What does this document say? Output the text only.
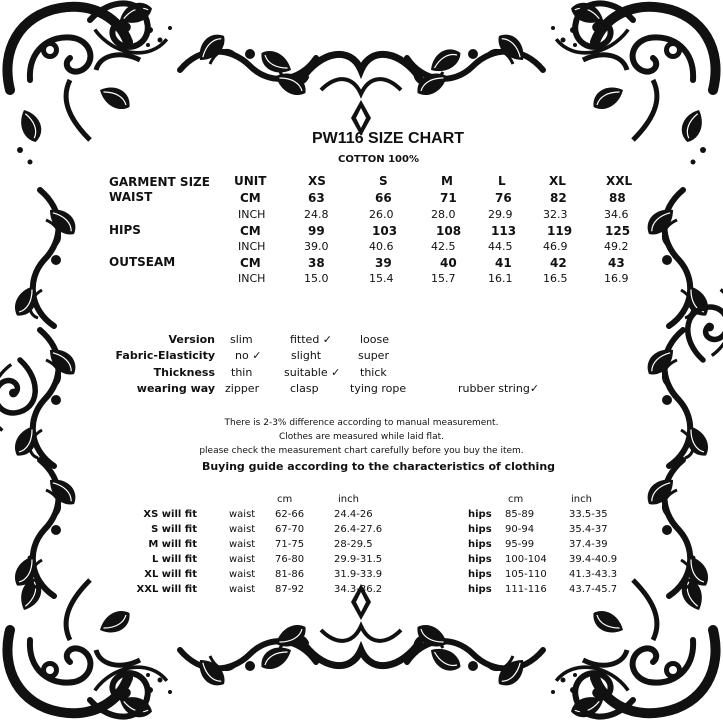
PW116 SIZE CHART
COTTON 100%
GARMENT SIZE UNIT	XS	S	M	L	XL	XXL
WAIST	CM	63	66	71	76	82	88
INCH	24.8	26.0	28.0	29.9	32.3	34.6
HIPS	CM	99	103	108 113	119	125
INCH	39.0	40.6	42.5	44.5	46.9	49.2
OUTSEAM	CM	38	39	40	41	42	43
INCH	15.0	15.4	15.7	16.1	16.5	16.9
Version slim	fitted ✓	loose
Fabric-Elasticity no ✓	slight	super
Thickness thin	suitable ✓ thick
wearing way zipper	clasp	tying rope	rubber string✓
There is 2-3% difference according to manual measurement.
Clothes are measured while laid flat.
please check the measurement chart carefully before you buy the item.
Buying guide according to the characteristics of clothing
cm	inch	cm	inch
XS will fit	waist 62-66	24.4-26	hips 85-89	33.5-35
S will fit	waist 67-70	26.4-27.6	hips 90-94	35.4-37
M will fit	waist 71-75	28-29.5	hips 95-99	37.4-39
L will fit	waist 76-80	29.9-31.5	hips 100-104 39.4-40.9
XL will fit	waist 81-86	31.9-33.9	hips 105-110 41.3-43.3
XXL will fit	waist 87-92	34.3-36.2	hips 111-116 43.7-45.7
